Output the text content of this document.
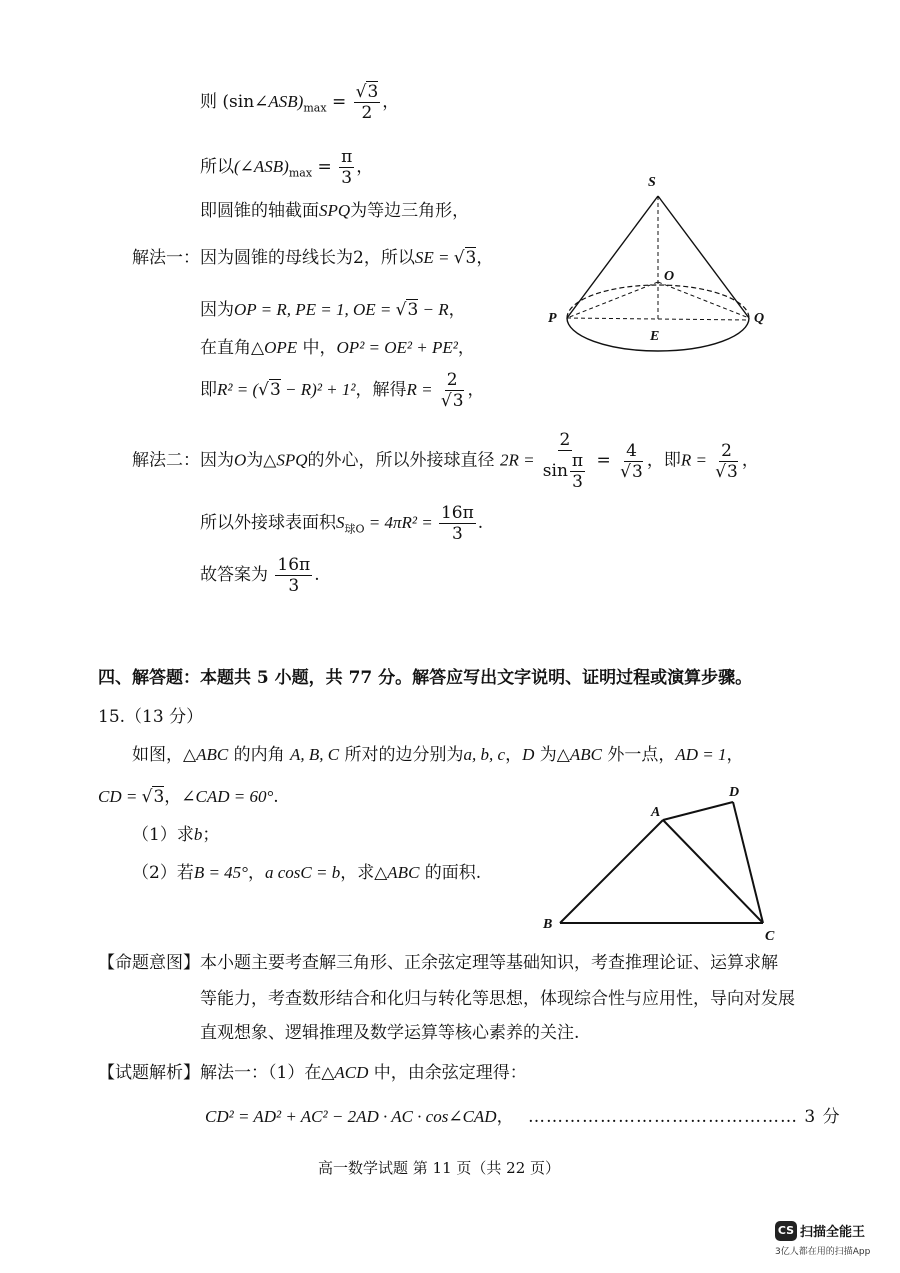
则 $(\sin\angle ASB)_{max} = \frac{√3}{2}$ ，
所以$(\angle ASB)_{max} = \frac{\pi}{3}$ ，
即圆锥的轴截面SPQ为等边三角形，
解法一：因为圆锥的母线长为2，所以SE = √3，
因为OP = R, PE = 1, OE = √3 − R，
在直角△OPE 中，OP² = OE² + PE²，
即R² = (√3 − R)² + 1²，解得$R = \frac{2}{√3}$ ，
解法二：因为O为△SPQ的外心，所以外接球直径 $2R = \frac{2}{\sin \frac{\pi}{3}} = \frac{4}{√3}$ ，即$R = \frac{2}{√3}$ ，
所以外接球表面积$S_{球O} = 4\pi R^2 = \frac{16\pi}{3}$ .
故答案为 $\frac{16\pi}{3}$ .
S
O
P	Q
E
四、解答题：本题共 5 小题，共 77 分。解答应写出文字说明、证明过程或演算步骤。
15.（13 分）
如图，△ABC 的内角 A, B, C 所对的边分别为a, b, c，D 为△ABC 外一点，AD = 1，
CD = √3，∠CAD = 60°.
（1）求b；
（2）若B = 45°，a cosC = b，求△ABC 的面积.
A
D
B
C
【命题意图】本小题主要考查解三角形、正余弦定理等基础知识，考查推理论证、运算求解
等能力，考查数形结合和化归与转化等思想，体现综合性与应用性，导向对发展
直观想象、逻辑推理及数学运算等核心素养的关注.
【试题解析】解法一：（1）在△ACD 中，由余弦定理得：
CD² = AD² + AC² − 2AD · AC · cos∠CAD， ……………………………………… 3 分
高一数学试题 第 11 页（共 22 页）
CS 扫描全能王
3亿人都在用的扫描App
